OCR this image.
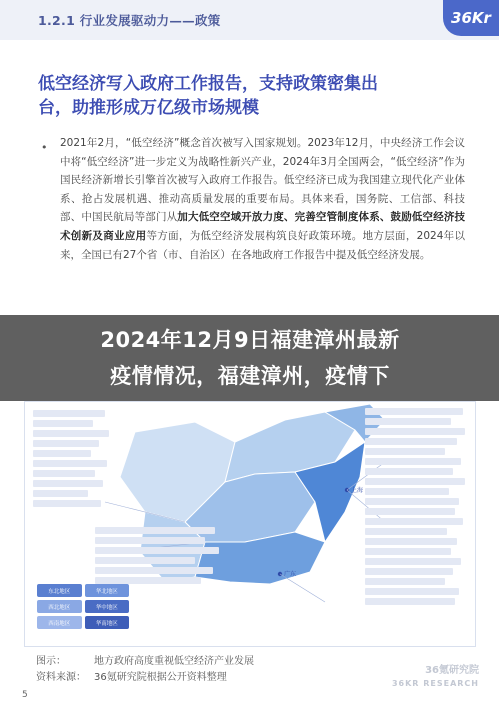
1.2.1 行业发展驱动力——政策	36Kr
低空经济写入政府工作报告，支持政策密集出
台，助推形成万亿级市场规模
• 2021年2月，“低空经济”概念首次被写入国家规划。2023年12月，中央经济工作会议中将“低空经济”进一步定义为战略性新兴产业，2024年3月全国两会，“低空经济”作为国民经济新增长引擎首次被写入政府工作报告。低空经济已成为我国建立现代化产业体系、抢占发展机遇、推动高质量发展的重要布局。具体来看，国务院、工信部、科技部、中国民航局等部门从加大低空空域开放力度、完善空管制度体系、鼓励低空经济技术创新及商业应用等方面，为低空经济发展构筑良好政策环境。地方层面，2024年以来，全国已有27个省（市、自治区）在各地政府工作报告中提及低空经济发展。

上海
广东
东北地区	华北地区
西北地区	华中地区
西南地区	华南地区
2024年12月9日福建漳州最新
疫情情况，福建漳州，疫情下
图示：	地方政府高度重视低空经济产业发展
资料来源： 36氪研究院根据公开资料整理
36氪研究院
36KR RESEARCH
5
